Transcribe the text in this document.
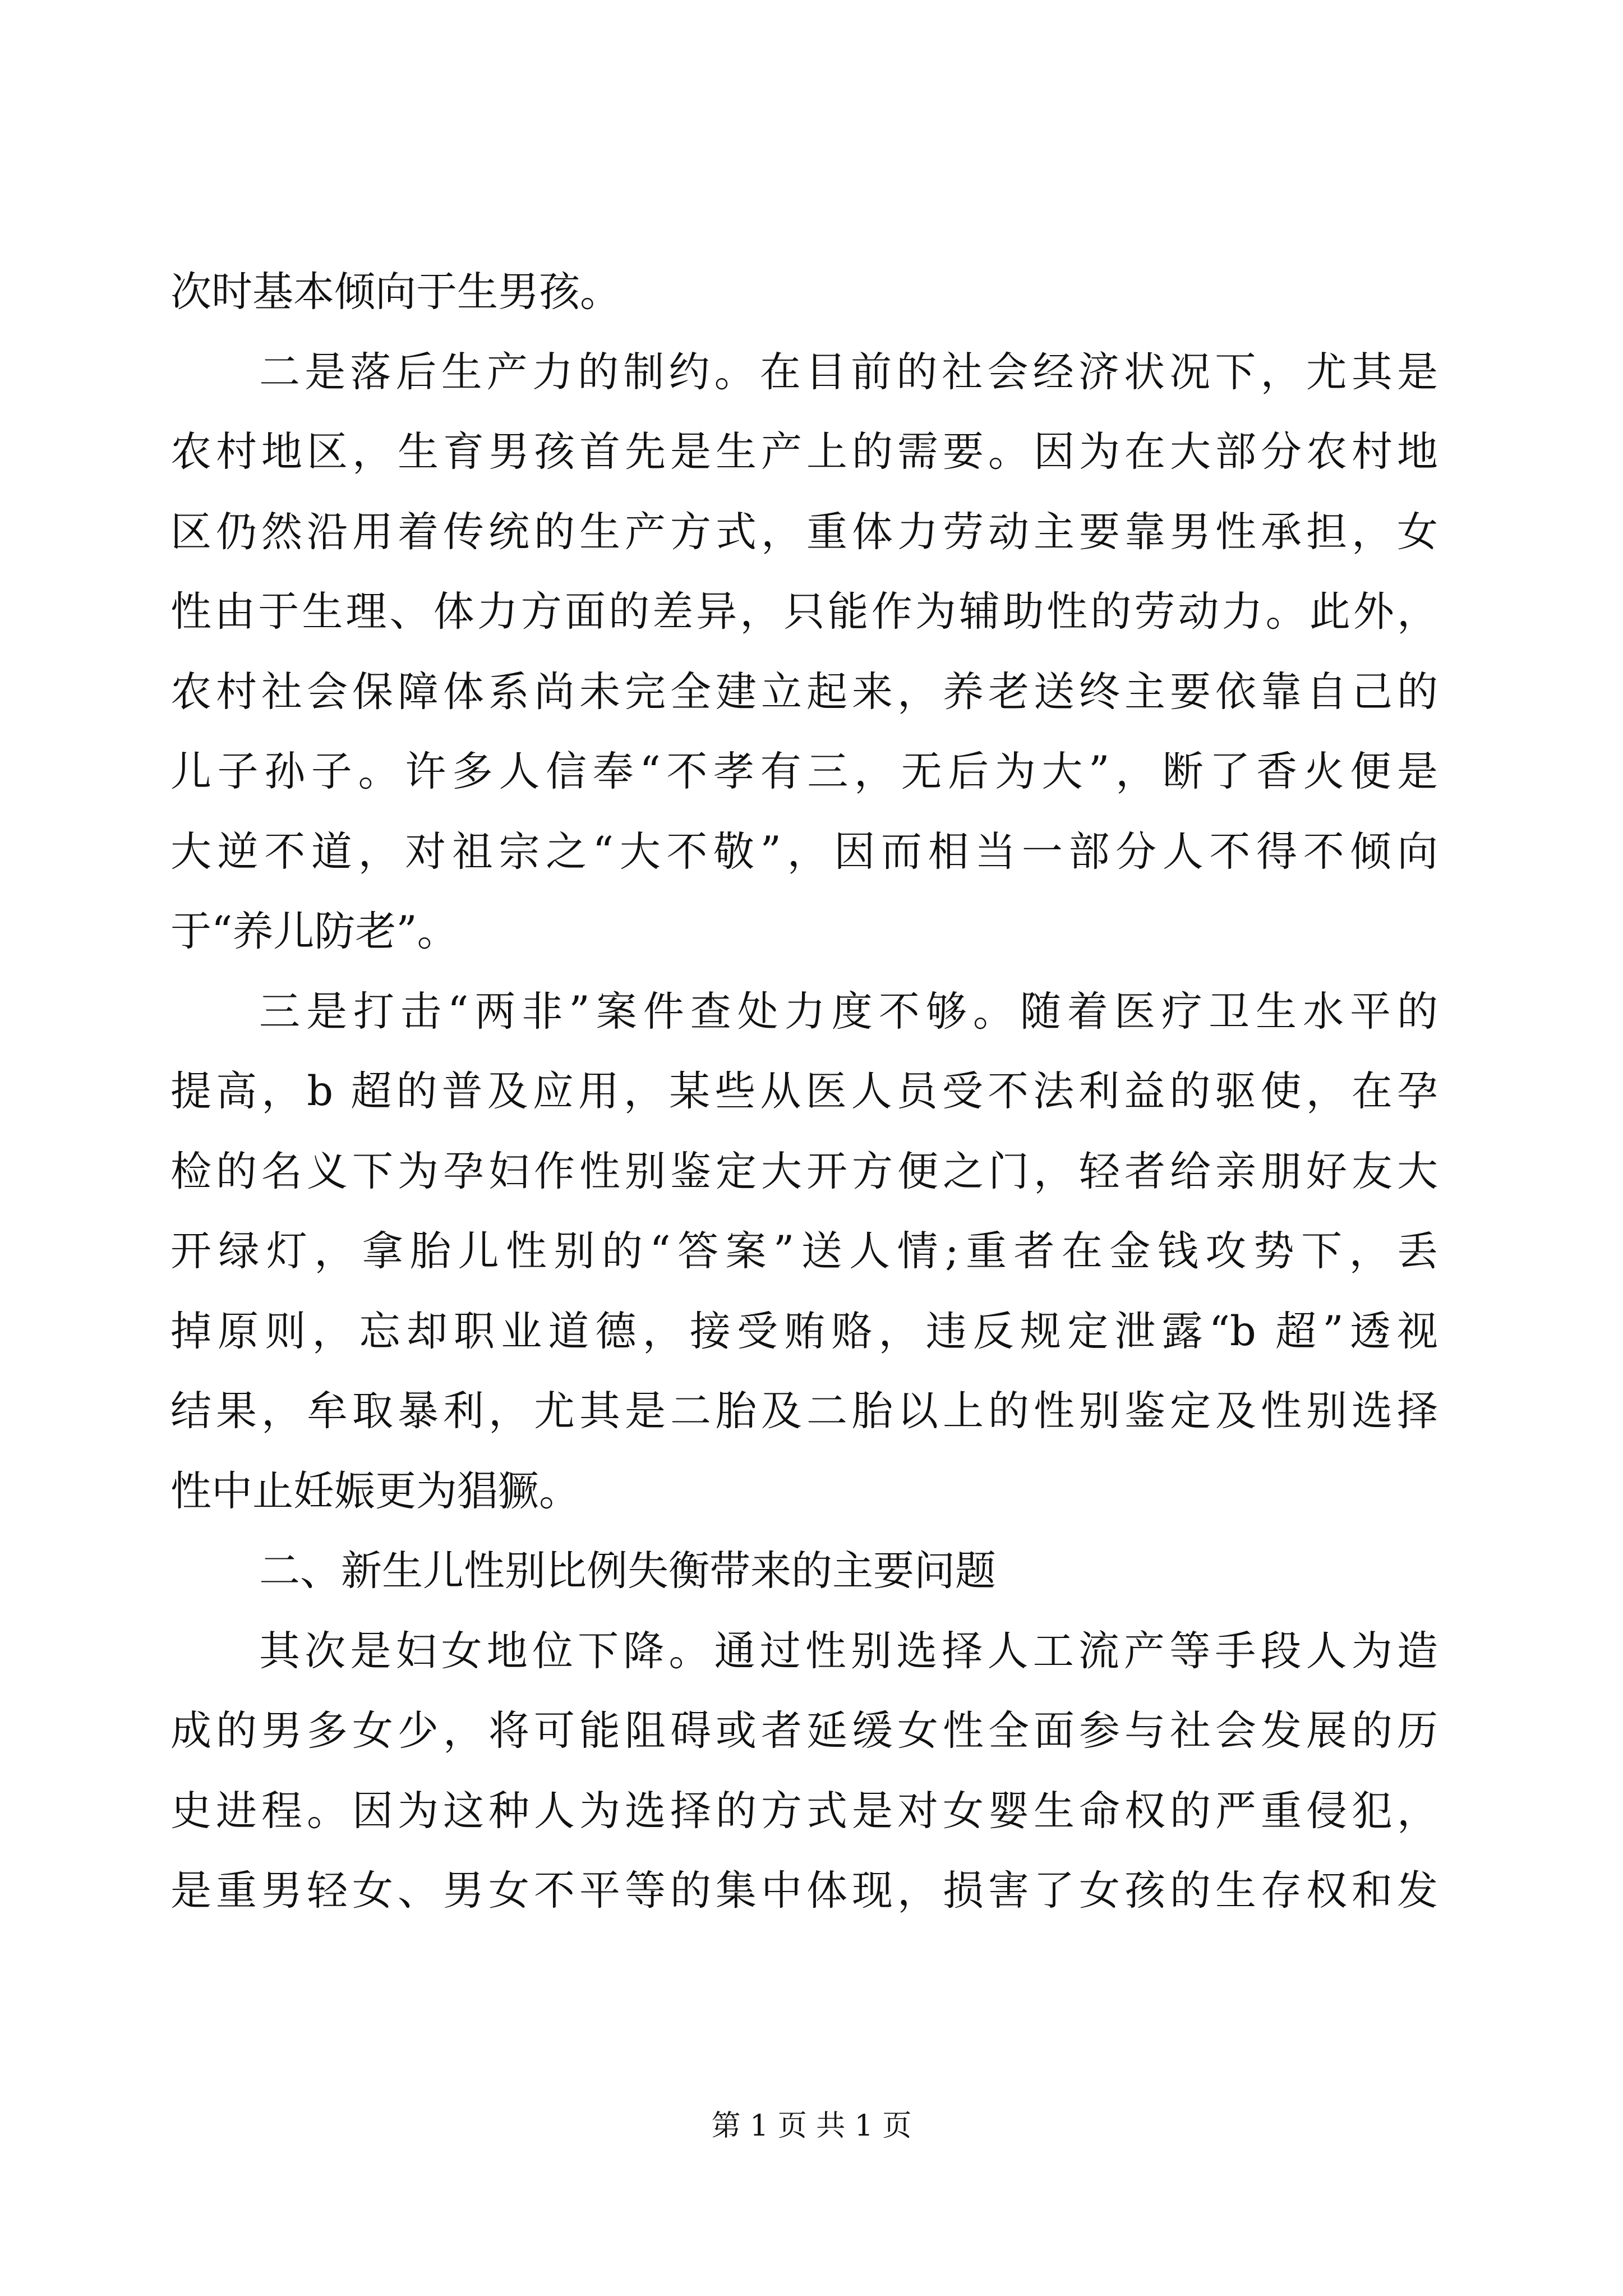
次时基本倾向于生男孩。
二是落后生产力的制约。在目前的社会经济状况下，尤其是
农村地区，生育男孩首先是生产上的需要。因为在大部分农村地
区仍然沿用着传统的生产方式，重体力劳动主要靠男性承担，女
性由于生理、体力方面的差异，只能作为辅助性的劳动力。此外，
农村社会保障体系尚未完全建立起来，养老送终主要依靠自己的
儿子孙子。许多人信奉“不孝有三，无后为大”，断了香火便是
大逆不道，对祖宗之“大不敬”，因而相当一部分人不得不倾向
于“养儿防老”。
三是打击“两非”案件查处力度不够。随着医疗卫生水平的
提高，b 超的普及应用，某些从医人员受不法利益的驱使，在孕
检的名义下为孕妇作性别鉴定大开方便之门，轻者给亲朋好友大
开绿灯，拿胎儿性别的“答案”送人情;重者在金钱攻势下，丢
掉原则，忘却职业道德，接受贿赂，违反规定泄露“b 超”透视
结果，牟取暴利，尤其是二胎及二胎以上的性别鉴定及性别选择
性中止妊娠更为猖獗。
二、新生儿性别比例失衡带来的主要问题
其次是妇女地位下降。通过性别选择人工流产等手段人为造
成的男多女少，将可能阻碍或者延缓女性全面参与社会发展的历
史进程。因为这种人为选择的方式是对女婴生命权的严重侵犯，
是重男轻女、男女不平等的集中体现，损害了女孩的生存权和发
第 1 页 共 1 页
